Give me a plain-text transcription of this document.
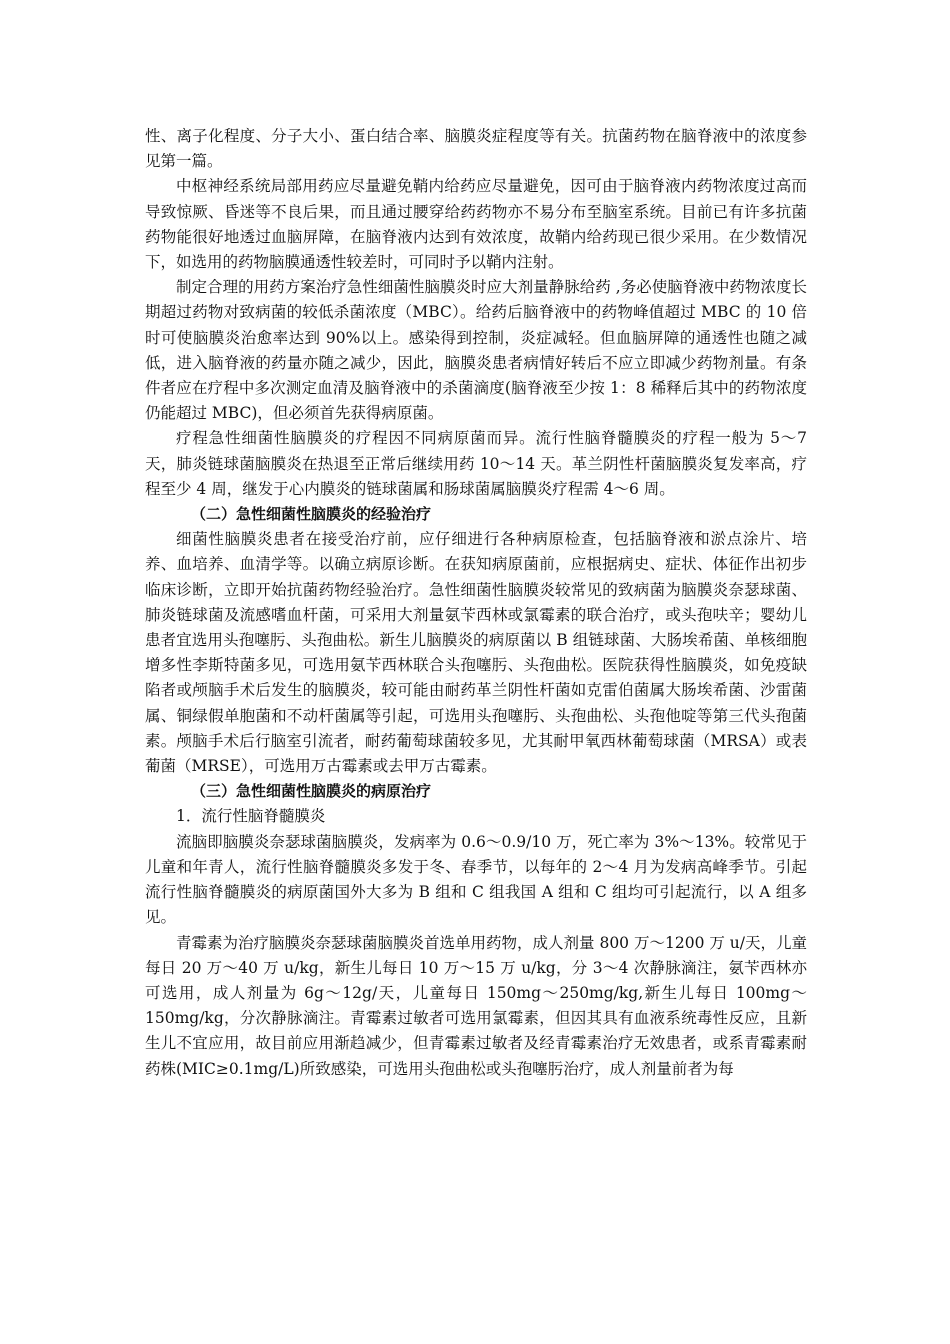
性、离子化程度、分子大小、蛋白结合率、脑膜炎症程度等有关。抗菌药物在脑脊液中的浓度参见第一篇。

中枢神经系统局部用药应尽量避免鞘内给药应尽量避免，因可由于脑脊液内药物浓度过高而导致惊厥、昏迷等不良后果，而且通过腰穿给药药物亦不易分布至脑室系统。目前已有许多抗菌药物能很好地透过血脑屏障，在脑脊液内达到有效浓度，故鞘内给药现已很少采用。在少数情况下，如选用的药物脑膜通透性较差时，可同时予以鞘内注射。

制定合理的用药方案治疗急性细菌性脑膜炎时应大剂量静脉给药 ,务必使脑脊液中药物浓度长期超过药物对致病菌的较低杀菌浓度（MBC）。给药后脑脊液中的药物峰值超过 MBC 的 10 倍时可使脑膜炎治愈率达到 90%以上。感染得到控制，炎症减轻。但血脑屏障的通透性也随之减低，进入脑脊液的药量亦随之减少，因此，脑膜炎患者病情好转后不应立即减少药物剂量。有条件者应在疗程中多次测定血清及脑脊液中的杀菌滴度(脑脊液至少按 1：8 稀释后其中的药物浓度仍能超过 MBC)，但必须首先获得病原菌。

疗程急性细菌性脑膜炎的疗程因不同病原菌而异。流行性脑脊髓膜炎的疗程一般为 5～7 天，肺炎链球菌脑膜炎在热退至正常后继续用药 10～14 天。革兰阴性杆菌脑膜炎复发率高，疗程至少 4 周，继发于心内膜炎的链球菌属和肠球菌属脑膜炎疗程需 4～6 周。

（二）急性细菌性脑膜炎的经验治疗

细菌性脑膜炎患者在接受治疗前，应仔细进行各种病原检查，包括脑脊液和淤点涂片、培养、血培养、血清学等。以确立病原诊断。在获知病原菌前，应根据病史、症状、体征作出初步临床诊断，立即开始抗菌药物经验治疗。急性细菌性脑膜炎较常见的致病菌为脑膜炎奈瑟球菌、肺炎链球菌及流感嗜血杆菌，可采用大剂量氨苄西林或氯霉素的联合治疗，或头孢呋辛；婴幼儿患者宜选用头孢噻肟、头孢曲松。新生儿脑膜炎的病原菌以 B 组链球菌、大肠埃希菌、单核细胞增多性李斯特菌多见，可选用氨苄西林联合头孢噻肟、头孢曲松。医院获得性脑膜炎，如免疫缺陷者或颅脑手术后发生的脑膜炎，较可能由耐药革兰阴性杆菌如克雷伯菌属大肠埃希菌、沙雷菌属、铜绿假单胞菌和不动杆菌属等引起，可选用头孢噻肟、头孢曲松、头孢他啶等第三代头孢菌素。颅脑手术后行脑室引流者，耐药葡萄球菌较多见，尤其耐甲氧西林葡萄球菌（MRSA）或表葡菌（MRSE），可选用万古霉素或去甲万古霉素。

（三）急性细菌性脑膜炎的病原治疗

1．流行性脑脊髓膜炎

流脑即脑膜炎奈瑟球菌脑膜炎，发病率为 0.6～0.9/10 万，死亡率为 3%～13%。较常见于儿童和年青人，流行性脑脊髓膜炎多发于冬、春季节，以每年的 2～4 月为发病高峰季节。引起流行性脑脊髓膜炎的病原菌国外大多为 B 组和 C 组我国 A 组和 C 组均可引起流行，以 A 组多见。

青霉素为治疗脑膜炎奈瑟球菌脑膜炎首选单用药物，成人剂量 800 万～1200 万 u/天，儿童每日 20 万～40 万 u/kg，新生儿每日 10 万～15 万 u/kg，分 3～4 次静脉滴注，氨苄西林亦可选用，成人剂量为 6g～12g/天，儿童每日 150mg～250mg/kg,新生儿每日 100mg～150mg/kg，分次静脉滴注。青霉素过敏者可选用氯霉素，但因其具有血液系统毒性反应，且新生儿不宜应用，故目前应用渐趋减少，但青霉素过敏者及经青霉素治疗无效患者，或系青霉素耐药株(MIC≥0.1mg/L)所致感染，可选用头孢曲松或头孢噻肟治疗，成人剂量前者为每
